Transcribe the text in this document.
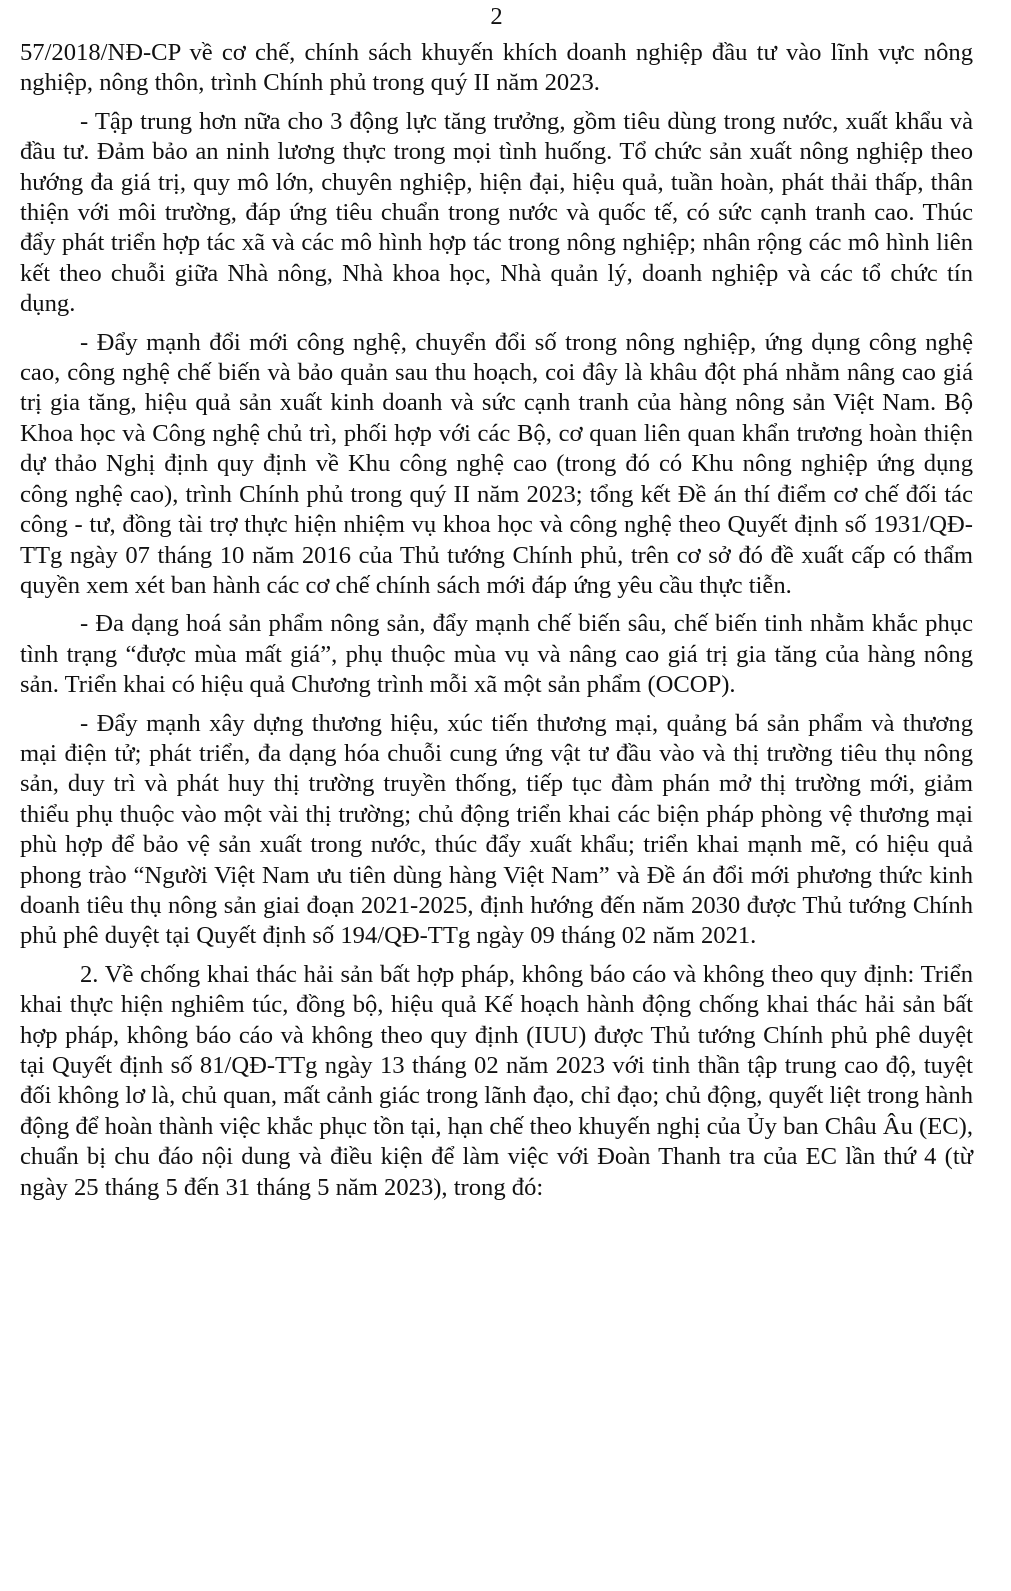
2

57/2018/NĐ-CP về cơ chế, chính sách khuyến khích doanh nghiệp đầu tư vào lĩnh vực nông nghiệp, nông thôn, trình Chính phủ trong quý II năm 2023.

- Tập trung hơn nữa cho 3 động lực tăng trưởng, gồm tiêu dùng trong nước, xuất khẩu và đầu tư. Đảm bảo an ninh lương thực trong mọi tình huống. Tổ chức sản xuất nông nghiệp theo hướng đa giá trị, quy mô lớn, chuyên nghiệp, hiện đại, hiệu quả, tuần hoàn, phát thải thấp, thân thiện với môi trường, đáp ứng tiêu chuẩn trong nước và quốc tế, có sức cạnh tranh cao. Thúc đẩy phát triển hợp tác xã và các mô hình hợp tác trong nông nghiệp; nhân rộng các mô hình liên kết theo chuỗi giữa Nhà nông, Nhà khoa học, Nhà quản lý, doanh nghiệp và các tổ chức tín dụng.

- Đẩy mạnh đổi mới công nghệ, chuyển đổi số trong nông nghiệp, ứng dụng công nghệ cao, công nghệ chế biến và bảo quản sau thu hoạch, coi đây là khâu đột phá nhằm nâng cao giá trị gia tăng, hiệu quả sản xuất kinh doanh và sức cạnh tranh của hàng nông sản Việt Nam. Bộ Khoa học và Công nghệ chủ trì, phối hợp với các Bộ, cơ quan liên quan khẩn trương hoàn thiện dự thảo Nghị định quy định về Khu công nghệ cao (trong đó có Khu nông nghiệp ứng dụng công nghệ cao), trình Chính phủ trong quý II năm 2023; tổng kết Đề án thí điểm cơ chế đối tác công - tư, đồng tài trợ thực hiện nhiệm vụ khoa học và công nghệ theo Quyết định số 1931/QĐ-TTg ngày 07 tháng 10 năm 2016 của Thủ tướng Chính phủ, trên cơ sở đó đề xuất cấp có thẩm quyền xem xét ban hành các cơ chế chính sách mới đáp ứng yêu cầu thực tiễn.

- Đa dạng hoá sản phẩm nông sản, đẩy mạnh chế biến sâu, chế biến tinh nhằm khắc phục tình trạng “được mùa mất giá”, phụ thuộc mùa vụ và nâng cao giá trị gia tăng của hàng nông sản. Triển khai có hiệu quả Chương trình mỗi xã một sản phẩm (OCOP).

- Đẩy mạnh xây dựng thương hiệu, xúc tiến thương mại, quảng bá sản phẩm và thương mại điện tử; phát triển, đa dạng hóa chuỗi cung ứng vật tư đầu vào và thị trường tiêu thụ nông sản, duy trì và phát huy thị trường truyền thống, tiếp tục đàm phán mở thị trường mới, giảm thiểu phụ thuộc vào một vài thị trường; chủ động triển khai các biện pháp phòng vệ thương mại phù hợp để bảo vệ sản xuất trong nước, thúc đẩy xuất khẩu; triển khai mạnh mẽ, có hiệu quả phong trào “Người Việt Nam ưu tiên dùng hàng Việt Nam” và Đề án đổi mới phương thức kinh doanh tiêu thụ nông sản giai đoạn 2021-2025, định hướng đến năm 2030 được Thủ tướng Chính phủ phê duyệt tại Quyết định số 194/QĐ-TTg ngày 09 tháng 02 năm 2021.

2. Về chống khai thác hải sản bất hợp pháp, không báo cáo và không theo quy định: Triển khai thực hiện nghiêm túc, đồng bộ, hiệu quả Kế hoạch hành động chống khai thác hải sản bất hợp pháp, không báo cáo và không theo quy định (IUU) được Thủ tướng Chính phủ phê duyệt tại Quyết định số 81/QĐ-TTg ngày 13 tháng 02 năm 2023 với tinh thần tập trung cao độ, tuyệt đối không lơ là, chủ quan, mất cảnh giác trong lãnh đạo, chỉ đạo; chủ động, quyết liệt trong hành động để hoàn thành việc khắc phục tồn tại, hạn chế theo khuyến nghị của Ủy ban Châu Âu (EC), chuẩn bị chu đáo nội dung và điều kiện để làm việc với Đoàn Thanh tra của EC lần thứ 4 (từ ngày 25 tháng 5 đến 31 tháng 5 năm 2023), trong đó:
